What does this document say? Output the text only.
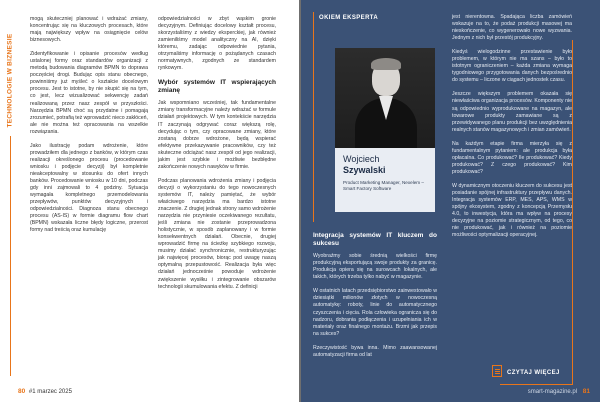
TECHNOLOGIE W BIZNESIE

mogą skuteczniej planować i wdrażać zmiany, koncentrując się na kluczowych procesach, które mają największy wpływ na osiągnięcie celów biznesowych.

Zidentyfikowanie i opisanie procesów według ustalonej formy oraz standardów organizacji z metodą budowania diagramów BPMN to doprawa poczęściej drogi. Budując opis stanu obecnego, powinniśmy już myśleć o kształcie docelowym procesu. Jest to istotne, by nie skupić się na tym, co jest, lecz wizualizować sekwencję zadań realizowaną przez nasz zespół w przyszłości. Narzędzia BPMN choć są przydatne i pomagają zrozumieć, potrafią też wprowadzić nieco zakłóceń, ale nie można też opracowania na wszelkie rozwiązania.

Jako ilustrację podam wdrożenie, które prowadziłem dla jednego z banków, w którym czas realizacji określonego procesu (procedowanie wniosku i podjęcie decyzji) był kompletnie nieakceptowalny w stosunku do ofert innych banków. Procedowanie wniosku w 10 dni, podczas gdy inni zajmowali to 4 godziny. Sytuacja wymagała kompletnego przemodelowania przepływów, punktów decyzyjnych i odpowiedzialności. Diagnoza stanu obecnego procesu (AS-IS) w formie diagramu flow chart (BPMN) wskazała liczne błędy logiczne, przerost formy nad treścią oraz kumulację

odpowiedzialności w zbyt wąskim gronie decyzyjnym. Definiując docelowy kształt procesu, skorzystaliśmy z wiedzy eksperckiej, jak również zamieniliśmy model analityczny na AI, dzięki któremu, zadając odpowiednie pytania, otrzymaliśmy informację o pożądanych czasach normatywnych, zgodnych ze standardem rynkowym.

Wybór systemów IT wspierających zmianę

Jak wspomniano wcześniej, tak fundamentalne zmiany transformacyjne należy wdrażać w formule działań projektowych. W tym kontekście narzędzia IT zaczynają odgrywać coraz większą rolę, decydując o tym, czy opracowane zmiany, które zostaną dobrze wdrożone, będą wspierać efektywne przekazywanie pracowników, czy też skuteczne odciążać nasz zespół od jego realizacji, jakim jest szybkie i możliwie bezbłędne zakończenie nowych nawyków w firmie.

Podczas planowania wdrożenia zmiany i podjęcia decyzji o wykorzystaniu do tego nowoczesnych systemów IT, należy pamiętać, że wybór właściwego narzędzia ma bardzo istotne znaczenie. Z drugiej jednak strony samo wdrożenie narzędzia nie przyniesie oczekiwanego rezultatu, jeśli zmiana nie zostanie przeprowadzona holistycznie, w sposób zaplanowany i w formie konsekwentnych działań. Obecnie, drugiej wprowadzić firmę na ścieżkę szybkiego rozwoju, musimy działać synchronicznie, restrukturyzując jak najwięcej procesów, biorąc pod uwagę naszą optymalną przepustowość. Realizacja była więc działań jednocześnie powoduje wdrożenie zwiększenie wysiłku i zintegrowanie obszarów technologii skumulowania efektu. Z definicji

80 #1 marzec 2025
OKIEM EKSPERTA
Wojciech
Szywalski
Product Marketing Manager, Nexelem – Smart Factory Software
Integracja systemów IT kluczem do sukcesu

Wyobraźmy sobie średnią wielkości firmę produkcyjną eksportującą swoje produkty za granicę. Produkcja opiera się na surowcach lokalnych, ale takich, których trzeba tylko nabyć w magazynie.

W ostatnich latach przedsiębiorstwo zainwestowało w dziesiątki milionów złotych w nowoczesną automatykę: roboty, linie do automatycznego czyszczenia i cięcia. Rola człowieka ogranicza się do nadzoru, dobrania podłączenia i uzupełniania ich w materiały oraz finalnego montażu. Brzmi jak przepis na sukces?

Rzeczywistość bywa inna. Mimo zaawansowanej automatyzacji firma od lat

jest nierentowna. Spadająca liczba zamówień wskazuje na to, że podaż produkcji masowej ma nieskończenie, co wygenerowało nowe wyzwania. Jednym z nich był przestój produkcyjny.

Kiedyś wielogodzinne przestawienie było problemem, w którym nie ma szans – było to istotnym ograniczeniem – każda zmiana wymaga tygodniowego przygotowania danych bezpośrednio do systemu – liczone w ciągach jednostek czasu.

Jeszcze większym problemem okazała się niewłaściwa organizacja procesów. Komponenty nie są odpowiednio wyprodukowane na magazyn, ale towarowe produkty zamawiane są z przewidywanego planu produkcji bez uwzględnienia realnych stanów magazynowych i zmian zamówień.

Na każdym etapie firma mierzyła się z fundamentalnym pytaniem: ale produkcja była opłacalna. Co produkować? Ile produkować? Kiedy produkować? Z czego produkować? Kim produkować?

W dynamicznym otoczeniu kluczem do sukcesu jest posiadanie spójnej infrastruktury przepływu danych. Integracja systemów ERP, MES, APS, WMS w spójny ekosystem, zgodny z koncepcją Przemysłu 4.0, to inwestycja, która ma wpływ na procesy decyzyjne na poziomie strategicznym, od tego, co nie produkować, jak i również na poziomie możliwości optymalizacji operacyjnej.

CZYTAJ WIĘCEJ
smart-magazine.pl 81
